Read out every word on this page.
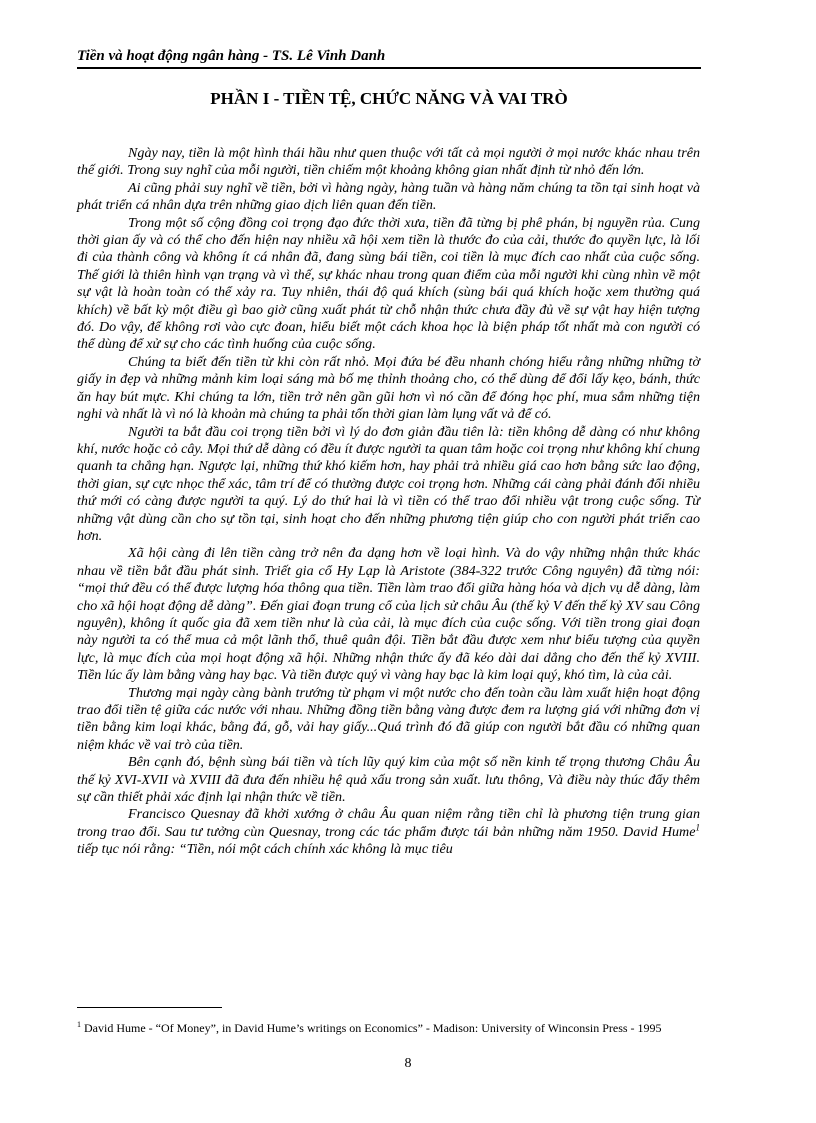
Tiền và hoạt động ngân hàng - TS. Lê Vinh Danh
PHẦN I - TIỀN TỆ, CHỨC NĂNG VÀ VAI TRÒ

Ngày nay, tiền là một hình thái hầu như quen thuộc với tất cả mọi người ở mọi nước khác nhau trên thế giới. Trong suy nghĩ của mỗi người, tiền chiếm một khoảng không gian nhất định từ nhỏ đến lớn.

Ai cũng phải suy nghĩ về tiền, bởi vì hàng ngày, hàng tuần và hàng năm chúng ta tồn tại sinh hoạt và phát triển cá nhân dựa trên những giao dịch liên quan đến tiền.

Trong một số cộng đồng coi trọng đạo đức thời xưa, tiền đã từng bị phê phán, bị nguyền rủa. Cung thời gian ấy và có thể cho đến hiện nay nhiều xã hội xem tiền là thước đo của cải, thước đo quyền lực, là lối đi của thành công và không ít cá nhân đã, đang sùng bái tiền, coi tiền là mục đích cao nhất của cuộc sống. Thế giới là thiên hình vạn trạng và vì thế, sự khác nhau trong quan điểm của mỗi người khi cùng nhìn về một sự vật là hoàn toàn có thể xảy ra. Tuy nhiên, thái độ quá khích (sùng bái quá khích hoặc xem thường quá khích) về bất kỳ một điều gì bao giờ cũng xuất phát từ chỗ nhận thức chưa đầy đủ về sự vật hay hiện tượng đó. Do vậy, để không rơi vào cực đoan, hiểu biết một cách khoa học là biện pháp tốt nhất mà con người có thể dùng để xử sự cho các tình huống của cuộc sống.

Chúng ta biết đến tiền từ khi còn rất nhỏ. Mọi đứa bé đều nhanh chóng hiểu rằng những những tờ giấy in đẹp và những mảnh kim loại sáng mà bố mẹ thỉnh thoảng cho, có thể dùng để đổi lấy kẹo, bánh, thức ăn hay bút mực. Khi chúng ta lớn, tiền trở nên gần gũi hơn vì nó cần để đóng học phí, mua sắm những tiện nghi và nhất là vì nó là khoản mà chúng ta phải tốn thời gian làm lụng vất vả để có.

Người ta bắt đầu coi trọng tiền bởi vì lý do đơn giản đầu tiên là: tiền không dễ dàng có như không khí, nước hoặc cỏ cây. Mọi thứ dễ dàng có đều ít được người ta quan tâm hoặc coi trọng như không khí chung quanh ta chẳng hạn. Ngược lại, những thứ khó kiếm hơn, hay phải trả nhiều giá cao hơn bằng sức lao động, thời gian, sự cực nhọc thể xác, tâm trí để có thường được coi trọng hơn. Những cái càng phải đánh đổi nhiều thứ mới có càng được người ta quý. Lý do thứ hai là vì tiền có thể trao đổi nhiều vật trong cuộc sống. Từ những vật dùng cần cho sự tồn tại, sinh hoạt cho đến những phương tiện giúp cho con người phát triển cao hơn.

Xã hội càng đi lên tiền càng trở nên đa dạng hơn về loại hình. Và do vậy những nhận thức khác nhau về tiền bắt đầu phát sinh. Triết gia cổ Hy Lạp là Aristote (384-322 trước Công nguyên) đã từng nói: “mọi thứ đều có thể được lượng hóa thông qua tiền. Tiền làm trao đổi giữa hàng hóa và dịch vụ dễ dàng, làm cho xã hội hoạt động dễ dàng”. Đến giai đoạn trung cổ của lịch sử châu Âu (thế kỷ V đến thế kỷ XV sau Công nguyên), không ít quốc gia đã xem tiền như là của cải, là mục đích của cuộc sống. Với tiền trong giai đoạn này người ta có thể mua cả một lãnh thổ, thuê quân đội. Tiền bắt đầu được xem như biểu tượng của quyền lực, là mục đích của mọi hoạt động xã hội. Những nhận thức ấy đã kéo dài dai dẳng cho đến thế kỷ XVIII. Tiền lúc ấy làm bằng vàng hay bạc. Và tiền được quý vì vàng hay bạc là kim loại quý, khó tìm, là của cải.

Thương mại ngày càng bành trướng từ phạm vi một nước cho đến toàn cầu làm xuất hiện hoạt động trao đổi tiền tệ giữa các nước với nhau. Những đồng tiền bằng vàng được đem ra lượng giá với những đơn vị tiền bằng kim loại khác, bằng đá, gỗ, vải hay giấy...Quá trình đó đã giúp con người bắt đầu có những quan niệm khác về vai trò của tiền.

Bên cạnh đó, bệnh sùng bái tiền và tích lũy quý kim của một số nền kinh tế trọng thương Châu Âu thế kỷ XVI-XVII và XVIII đã đưa đến nhiều hệ quả xấu trong sản xuất. lưu thông, Và điều này thúc đẩy thêm sự cần thiết phải xác định lại nhận thức về tiền.

Francisco Quesnay đã khởi xướng ở châu Âu quan niệm rằng tiền chỉ là phương tiện trung gian trong trao đổi. Sau tư tưởng cùn Quesnay, trong các tác phẩm được tái bản những năm 1950. David Hume$^1$ tiếp tục nói rằng: “Tiền, nói một cách chính xác không là mục tiêu

$^1$ David Hume - “Of Money”, in David Hume’s writings on Economics” - Madison: University of Winconsin Press - 1995
8
